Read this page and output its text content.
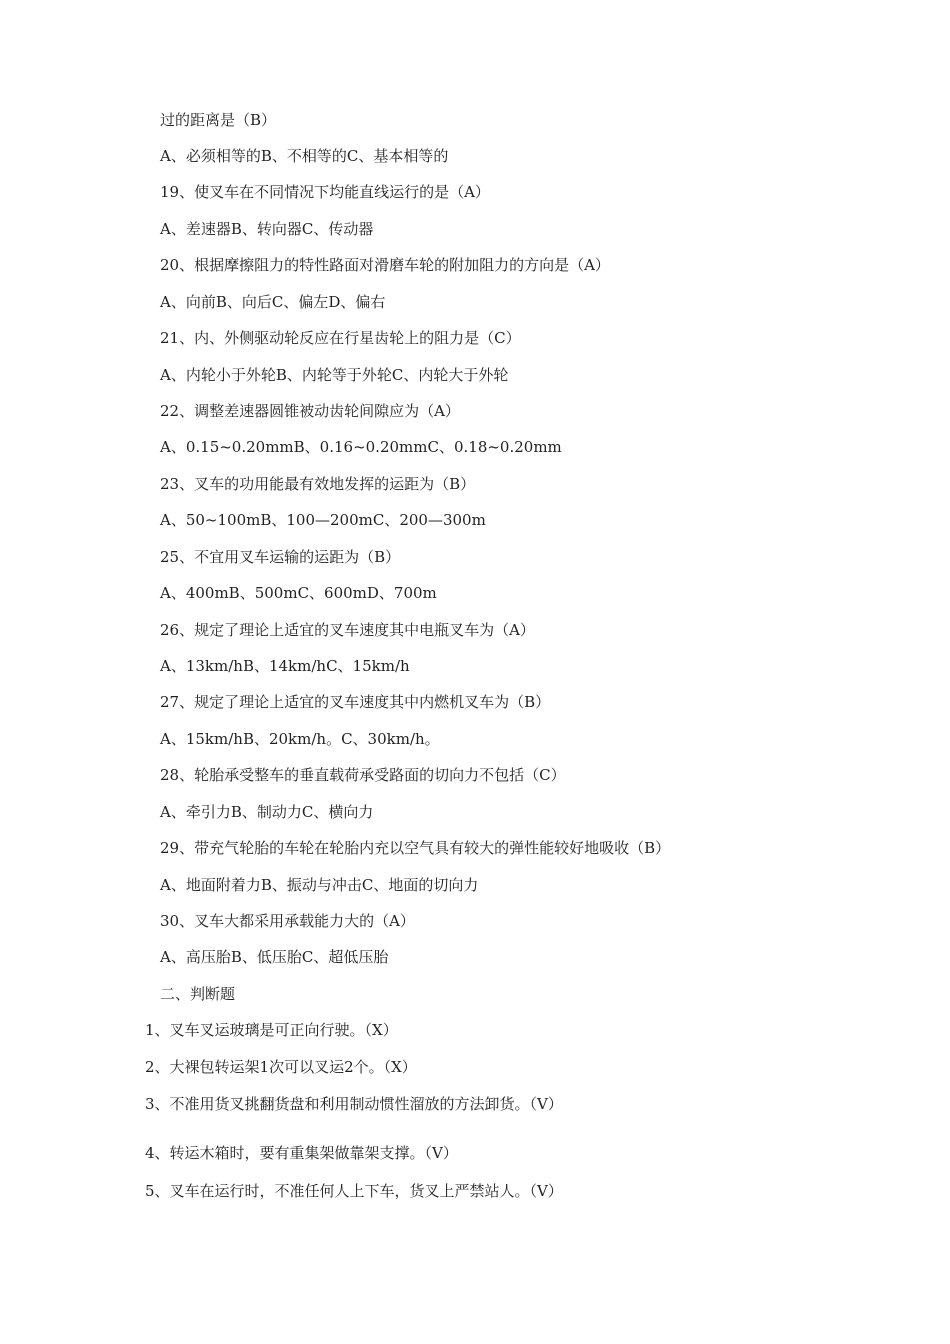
过的距离是（B）
A、必须相等的B、不相等的C、基本相等的
19、使叉车在不同情况下均能直线运行的是（A）
A、差速器B、转向器C、传动器
20、根据摩擦阻力的特性路面对滑磨车轮的附加阻力的方向是（A）
A、向前B、向后C、偏左D、偏右
21、内、外侧驱动轮反应在行星齿轮上的阻力是（C）
A、内轮小于外轮B、内轮等于外轮C、内轮大于外轮
22、调整差速器圆锥被动齿轮间隙应为（A）
A、0.15~0.20mmB、0.16~0.20mmC、0.18~0.20mm
23、叉车的功用能最有效地发挥的运距为（B）
A、50~100mB、100—200mC、200—300m
25、不宜用叉车运输的运距为（B）
A、400mB、500mC、600mD、700m
26、规定了理论上适宜的叉车速度其中电瓶叉车为（A）
A、13km/hB、14km/hC、15km/h
27、规定了理论上适宜的叉车速度其中内燃机叉车为（B）
A、15km/hB、20km/h。C、30km/h。
28、轮胎承受整车的垂直载荷承受路面的切向力不包括（C）
A、牵引力B、制动力C、横向力
29、带充气轮胎的车轮在轮胎内充以空气具有较大的弹性能较好地吸收（B）
A、地面附着力B、振动与冲击C、地面的切向力
30、叉车大都采用承载能力大的（A）
A、高压胎B、低压胎C、超低压胎
二、判断题
1、叉车叉运玻璃是可正向行驶。（X）
2、大裸包转运架1次可以叉运2个。（X）
3、不准用货叉挑翻货盘和利用制动惯性溜放的方法卸货。（V）
4、转运木箱时，要有重集架做靠架支撑。（V）
5、叉车在运行时，不准任何人上下车，货叉上严禁站人。（V）
